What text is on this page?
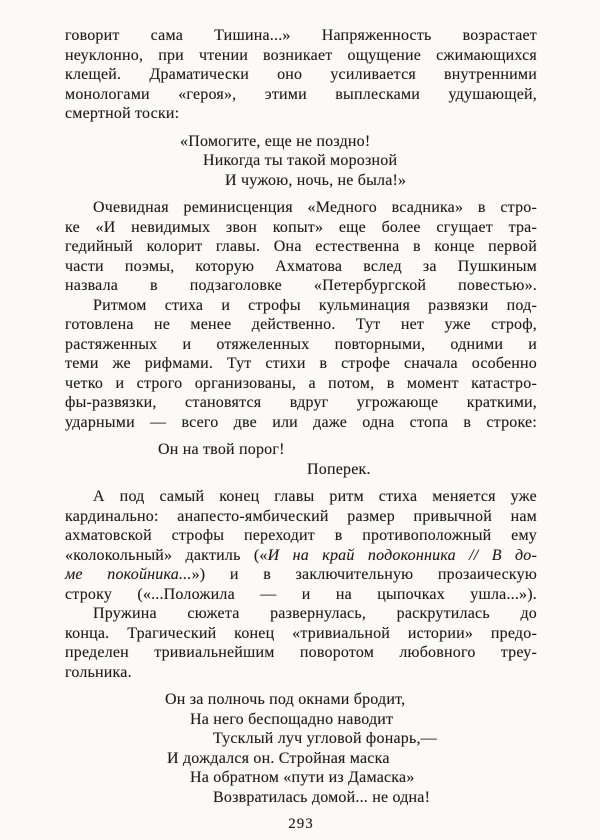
говорит сама Тишина...» Напряженность возрастает
неуклонно, при чтении возникает ощущение сжимающихся
клещей. Драматически оно усиливается внутренними
монологами «героя», этими выплесками удушающей,
смертной тоски:
«Помогите, еще не поздно!
Никогда ты такой морозной
И чужою, ночь, не была!»
Очевидная реминисценция «Медного всадника» в стро-
ке «И невидимых звон копыт» еще более сгущает тра-
гедийный колорит главы. Она естественна в конце первой
части поэмы, которую Ахматова вслед за Пушкиным
назвала в подзаголовке «Петербургской повестью».
Ритмом стиха и строфы кульминация развязки под-
готовлена не менее действенно. Тут нет уже строф,
растяженных и отяжеленных повторными, одними и
теми же рифмами. Тут стихи в строфе сначала особенно
четко и строго организованы, а потом, в момент катастро-
фы-развязки, становятся вдруг угрожающе краткими,
ударными — всего две или даже одна стопа в строке:
Он на твой порог!
Поперек.
А под самый конец главы ритм стиха меняется уже
кардинально: анапесто-ямбический размер привычной нам
ахматовской строфы переходит в противоположный ему
«колокольный» дактиль («И на край подоконника // В до-
ме покойника...») и в заключительную прозаическую
строку («...Положила — и на цыпочках ушла...»).
Пружина сюжета развернулась, раскрутилась до
конца. Трагический конец «тривиальной истории» предо-
пределен тривиальнейшим поворотом любовного треу-
гольника.
Он за полночь под окнами бродит,
На него беспощадно наводит
Тусклый луч угловой фонарь,—
И дождался он. Стройная маска
На обратном «пути из Дамаска»
Возвратилась домой... не одна!
293
